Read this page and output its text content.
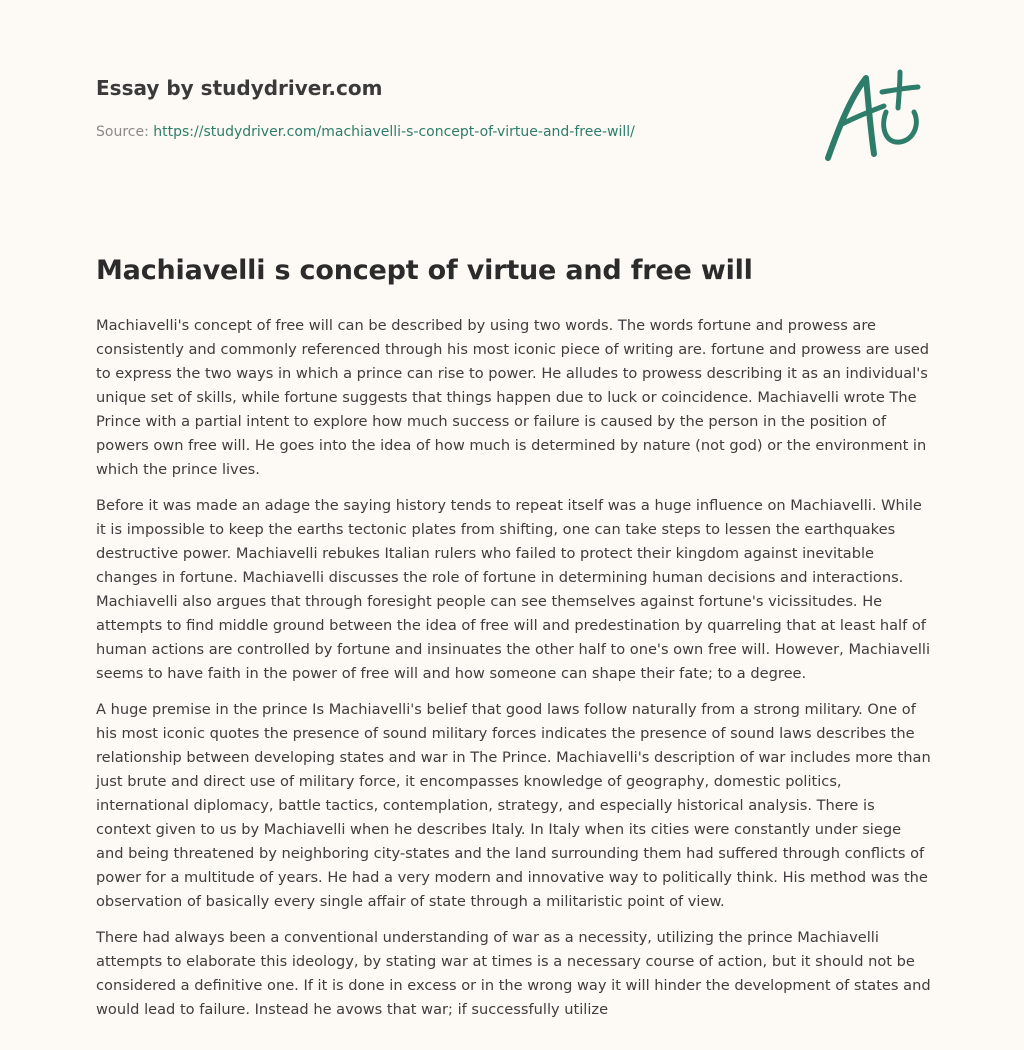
Essay by studydriver.com

Source: https://studydriver.com/machiavelli-s-concept-of-virtue-and-free-will/

Machiavelli s concept of virtue and free will

Machiavelli's concept of free will can be described by using two words. The words fortune and prowess are consistently and commonly referenced through his most iconic piece of writing are. fortune and prowess are used to express the two ways in which a prince can rise to power. He alludes to prowess describing it as an individual's unique set of skills, while fortune suggests that things happen due to luck or coincidence. Machiavelli wrote The Prince with a partial intent to explore how much success or failure is caused by the person in the position of powers own free will. He goes into the idea of how much is determined by nature (not god) or the environment in which the prince lives.

Before it was made an adage the saying history tends to repeat itself was a huge influence on Machiavelli. While it is impossible to keep the earths tectonic plates from shifting, one can take steps to lessen the earthquakes destructive power. Machiavelli rebukes Italian rulers who failed to protect their kingdom against inevitable changes in fortune. Machiavelli discusses the role of fortune in determining human decisions and interactions. Machiavelli also argues that through foresight people can see themselves against fortune's vicissitudes. He attempts to find middle ground between the idea of free will and predestination by quarreling that at least half of human actions are controlled by fortune and insinuates the other half to one's own free will. However, Machiavelli seems to have faith in the power of free will and how someone can shape their fate; to a degree.

A huge premise in the prince Is Machiavelli's belief that good laws follow naturally from a strong military. One of his most iconic quotes the presence of sound military forces indicates the presence of sound laws describes the relationship between developing states and war in The Prince. Machiavelli's description of war includes more than just brute and direct use of military force, it encompasses knowledge of geography, domestic politics, international diplomacy, battle tactics, contemplation, strategy, and especially historical analysis. There is context given to us by Machiavelli when he describes Italy. In Italy when its cities were constantly under siege and being threatened by neighboring city-states and the land surrounding them had suffered through conflicts of power for a multitude of years. He had a very modern and innovative way to politically think. His method was the observation of basically every single affair of state through a militaristic point of view.

There had always been a conventional understanding of war as a necessity, utilizing the prince Machiavelli attempts to elaborate this ideology, by stating war at times is a necessary course of action, but it should not be considered a definitive one. If it is done in excess or in the wrong way it will hinder the development of states and would lead to failure. Instead he avows that war; if successfully utilize
